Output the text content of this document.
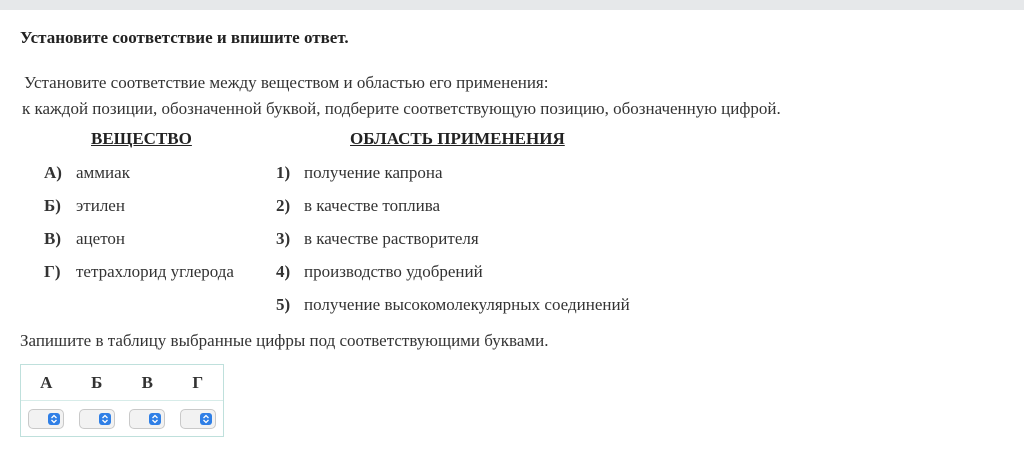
Установите соответствие и впишите ответ.
Установите соответствие между веществом и областью его применения:
к каждой позиции, обозначенной буквой, подберите соответствующую позицию, обозначенную цифрой.
ВЕЩЕСТВО	ОБЛАСТЬ ПРИМЕНЕНИЯ
А) аммиак
Б) этилен
В) ацетон
Г) тетрахлорид углерода
1) получение капрона
2) в качестве топлива
3) в качестве растворителя
4) производство удобрений
5) получение высокомолекулярных соединений
Запишите в таблицу выбранные цифры под соответствующими буквами.
А	Б	В	Г
